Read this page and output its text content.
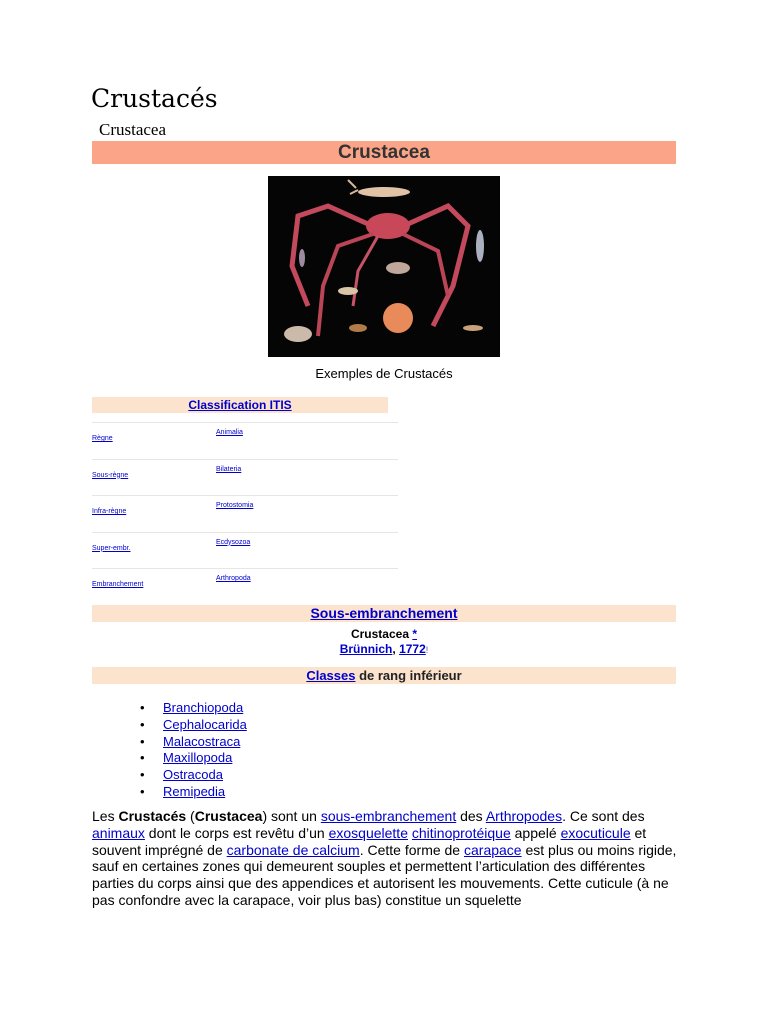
Crustacés
Crustacea
Crustacea
Exemples de Crustacés
Classification ITIS
Règne
Animalia
Sous-règne
Bilateria
Infra-règne
Protostomia
Super-embr.
Ecdysozoa
Embranchement
Arthropoda
Sous-embranchement
Crustacea *
Brünnich, 1772!
Classes de rang inférieur
• Branchiopoda
• Cephalocarida
• Malacostraca
• Maxillopoda
• Ostracoda
• Remipedia

Les Crustacés (Crustacea) sont un sous-embranchement des Arthropodes. Ce sont des animaux dont le corps est revêtu d’un exosquelette chitinoprotéique appelé exocuticule et souvent imprégné de carbonate de calcium. Cette forme de carapace est plus ou moins rigide, sauf en certaines zones qui demeurent souples et permettent l’articulation des différentes parties du corps ainsi que des appendices et autorisent les mouvements. Cette cuticule (à ne pas confondre avec la carapace, voir plus bas) constitue un squelette
